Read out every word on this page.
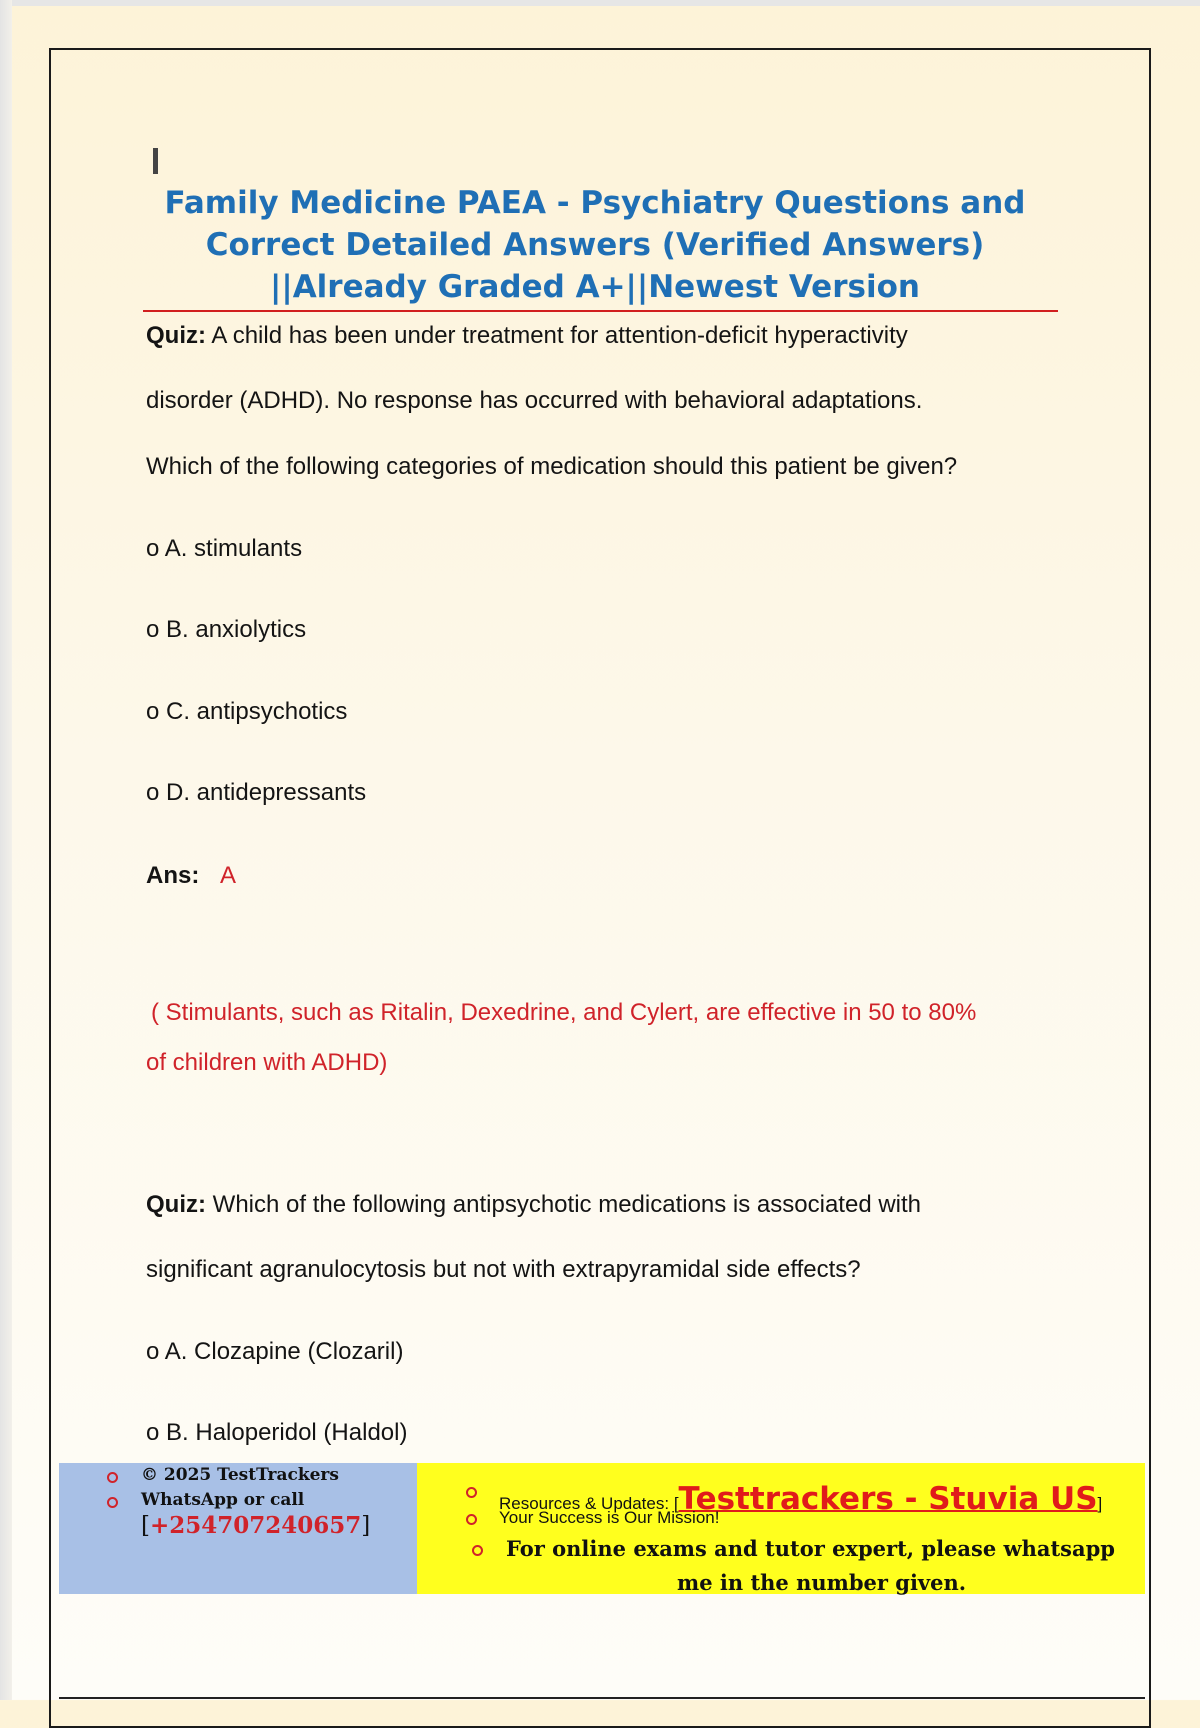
Family Medicine PAEA - Psychiatry Questions and
Correct Detailed Answers (Verified Answers)
||Already Graded A+||Newest Version

Quiz: A child has been under treatment for attention-deficit hyperactivity

disorder (ADHD). No response has occurred with behavioral adaptations.

Which of the following categories of medication should this patient be given?

o A. stimulants

o B. anxiolytics

o C. antipsychotics

o D. antidepressants

Ans: A

( Stimulants, such as Ritalin, Dexedrine, and Cylert, are effective in 50 to 80%

of children with ADHD)

Quiz: Which of the following antipsychotic medications is associated with

significant agranulocytosis but not with extrapyramidal side effects?

o A. Clozapine (Clozaril)

o B. Haloperidol (Haldol)

© 2025 TestTrackers
WhatsApp or call
[+254707240657]
Resources & Updates: [Testtrackers - Stuvia US]
Your Success is Our Mission!
For online exams and tutor expert, please whatsapp
me in the number given.
